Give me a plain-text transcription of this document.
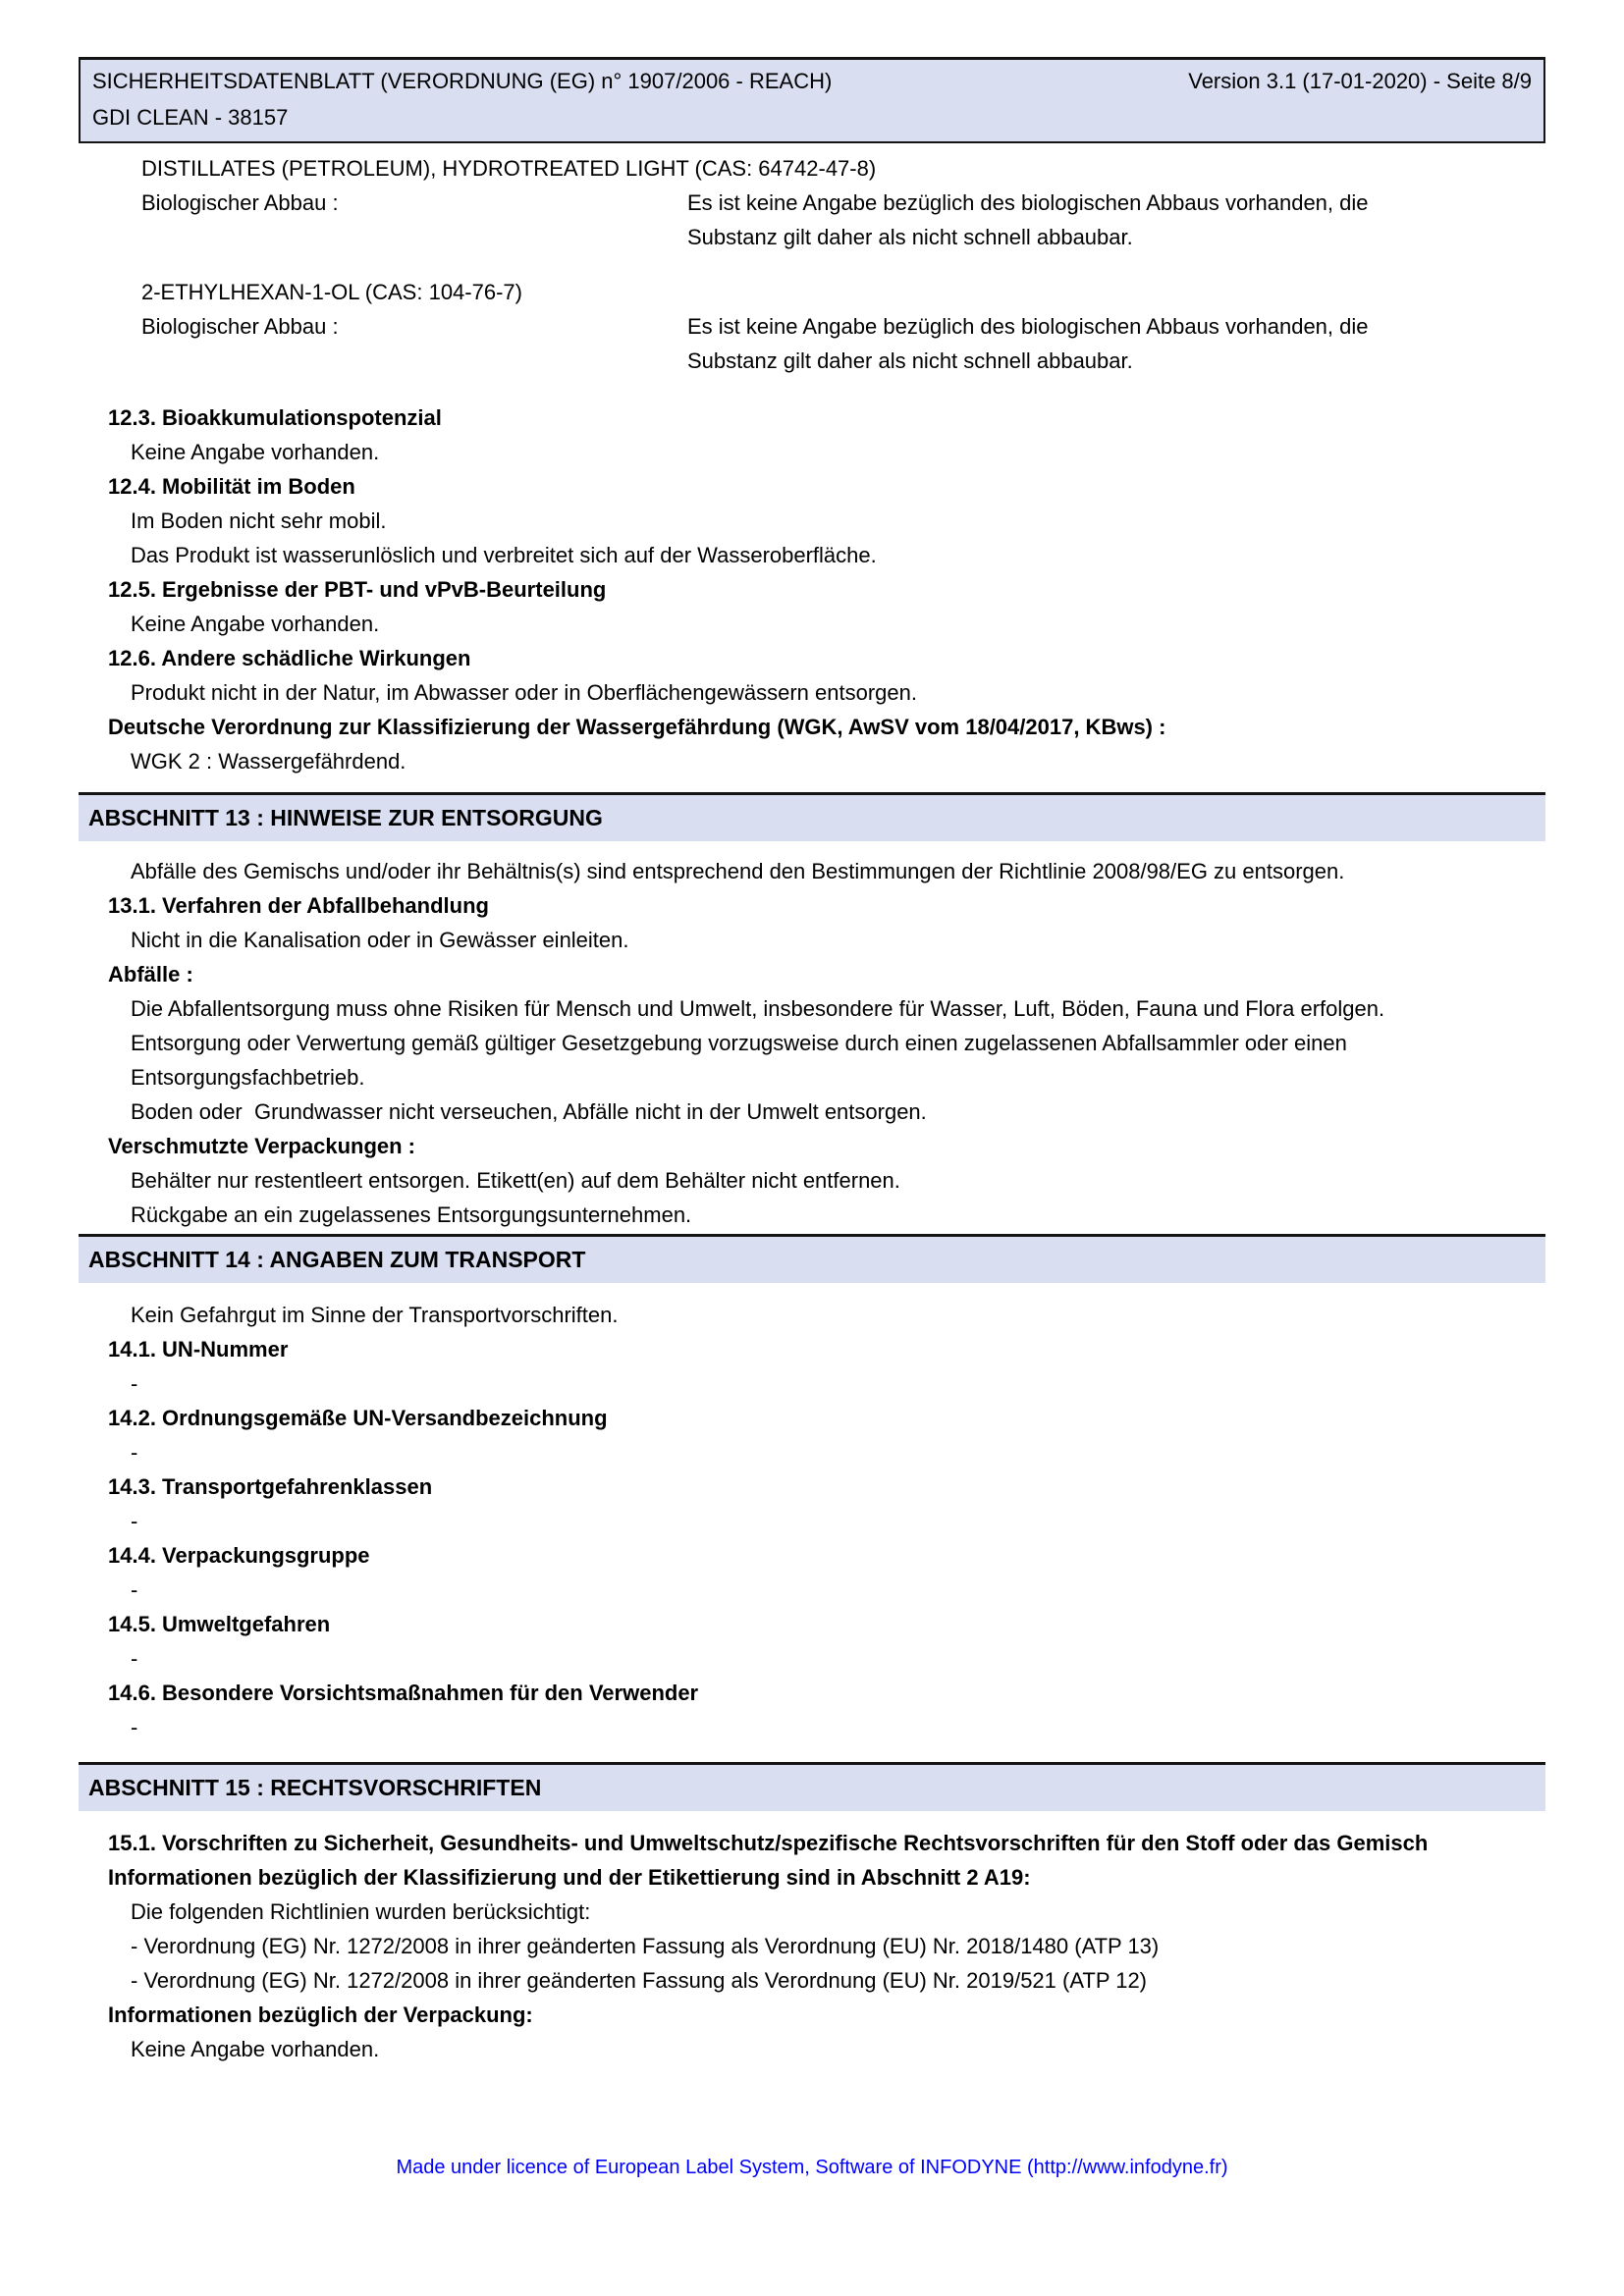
SICHERHEITSDATENBLATT (VERORDNUNG (EG) n° 1907/2006 - REACH)	Version 3.1 (17-01-2020) - Seite 8/9
GDI CLEAN - 38157
DISTILLATES (PETROLEUM), HYDROTREATED LIGHT (CAS: 64742-47-8)
Biologischer Abbau :	Es ist keine Angabe bezüglich des biologischen Abbaus vorhanden, die
Substanz gilt daher als nicht schnell abbaubar.
2-ETHYLHEXAN-1-OL (CAS: 104-76-7)
Biologischer Abbau :	Es ist keine Angabe bezüglich des biologischen Abbaus vorhanden, die
Substanz gilt daher als nicht schnell abbaubar.
12.3. Bioakkumulationspotenzial
Keine Angabe vorhanden.
12.4. Mobilität im Boden
Im Boden nicht sehr mobil.
Das Produkt ist wasserunlöslich und verbreitet sich auf der Wasseroberfläche.
12.5. Ergebnisse der PBT- und vPvB-Beurteilung
Keine Angabe vorhanden.
12.6. Andere schädliche Wirkungen
Produkt nicht in der Natur, im Abwasser oder in Oberflächengewässern entsorgen.
Deutsche Verordnung zur Klassifizierung der Wassergefährdung (WGK, AwSV vom 18/04/2017, KBws) :
WGK 2 : Wassergefährdend.
ABSCHNITT 13 : HINWEISE ZUR ENTSORGUNG
Abfälle des Gemischs und/oder ihr Behältnis(s) sind entsprechend den Bestimmungen der Richtlinie 2008/98/EG zu entsorgen.
13.1. Verfahren der Abfallbehandlung
Nicht in die Kanalisation oder in Gewässer einleiten.
Abfälle :
Die Abfallentsorgung muss ohne Risiken für Mensch und Umwelt, insbesondere für Wasser, Luft, Böden, Fauna und Flora erfolgen.
Entsorgung oder Verwertung gemäß gültiger Gesetzgebung vorzugsweise durch einen zugelassenen Abfallsammler oder einen
Entsorgungsfachbetrieb.
Boden oder  Grundwasser nicht verseuchen, Abfälle nicht in der Umwelt entsorgen.
Verschmutzte Verpackungen :
Behälter nur restentleert entsorgen. Etikett(en) auf dem Behälter nicht entfernen.
Rückgabe an ein zugelassenes Entsorgungsunternehmen.
ABSCHNITT 14 : ANGABEN ZUM TRANSPORT
Kein Gefahrgut im Sinne der Transportvorschriften.
14.1. UN-Nummer
-
14.2. Ordnungsgemäße UN-Versandbezeichnung
-
14.3. Transportgefahrenklassen
-
14.4. Verpackungsgruppe
-
14.5. Umweltgefahren
-
14.6. Besondere Vorsichtsmaßnahmen für den Verwender
-
ABSCHNITT 15 : RECHTSVORSCHRIFTEN
15.1. Vorschriften zu Sicherheit, Gesundheits- und Umweltschutz/spezifische Rechtsvorschriften für den Stoff oder das Gemisch
Informationen bezüglich der Klassifizierung und der Etikettierung sind in Abschnitt 2 A19:
Die folgenden Richtlinien wurden berücksichtigt:
- Verordnung (EG) Nr. 1272/2008 in ihrer geänderten Fassung als Verordnung (EU) Nr. 2018/1480 (ATP 13)
- Verordnung (EG) Nr. 1272/2008 in ihrer geänderten Fassung als Verordnung (EU) Nr. 2019/521 (ATP 12)
Informationen bezüglich der Verpackung:
Keine Angabe vorhanden.
Made under licence of European Label System, Software of INFODYNE (http://www.infodyne.fr)
